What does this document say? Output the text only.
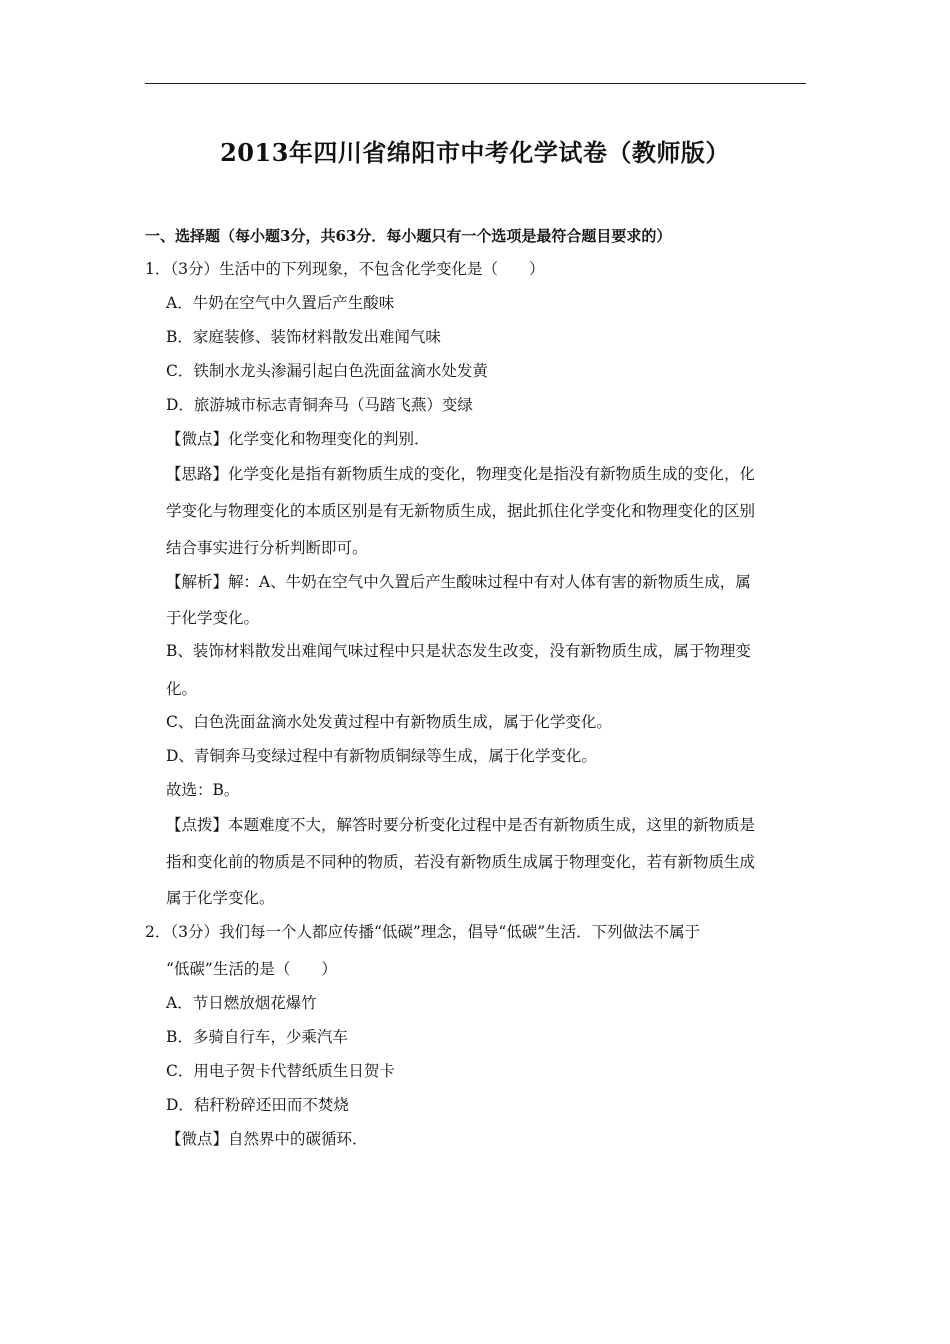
2013年四川省绵阳市中考化学试卷（教师版）
一、选择题（每小题3分，共63分．每小题只有一个选项是最符合题目要求的）
1．（3分）生活中的下列现象，不包含化学变化是（　　）
A．牛奶在空气中久置后产生酸味
B．家庭装修、装饰材料散发出难闻气味
C．铁制水龙头渗漏引起白色洗面盆滴水处发黄
D．旅游城市标志青铜奔马（马踏飞燕）变绿
【微点】化学变化和物理变化的判别．
【思路】化学变化是指有新物质生成的变化，物理变化是指没有新物质生成的变化，化
学变化与物理变化的本质区别是有无新物质生成，据此抓住化学变化和物理变化的区别
结合事实进行分析判断即可。
【解析】解：A、牛奶在空气中久置后产生酸味过程中有对人体有害的新物质生成，属
于化学变化。
B、装饰材料散发出难闻气味过程中只是状态发生改变，没有新物质生成，属于物理变
化。
C、白色洗面盆滴水处发黄过程中有新物质生成，属于化学变化。
D、青铜奔马变绿过程中有新物质铜绿等生成，属于化学变化。
故选：B。
【点拨】本题难度不大，解答时要分析变化过程中是否有新物质生成，这里的新物质是
指和变化前的物质是不同种的物质，若没有新物质生成属于物理变化，若有新物质生成
属于化学变化。
2．（3分）我们每一个人都应传播“低碳”理念，倡导“低碳”生活．下列做法不属于
“低碳”生活的是（　　）
A．节日燃放烟花爆竹
B．多骑自行车，少乘汽车
C．用电子贺卡代替纸质生日贺卡
D．秸秆粉碎还田而不焚烧
【微点】自然界中的碳循环．
